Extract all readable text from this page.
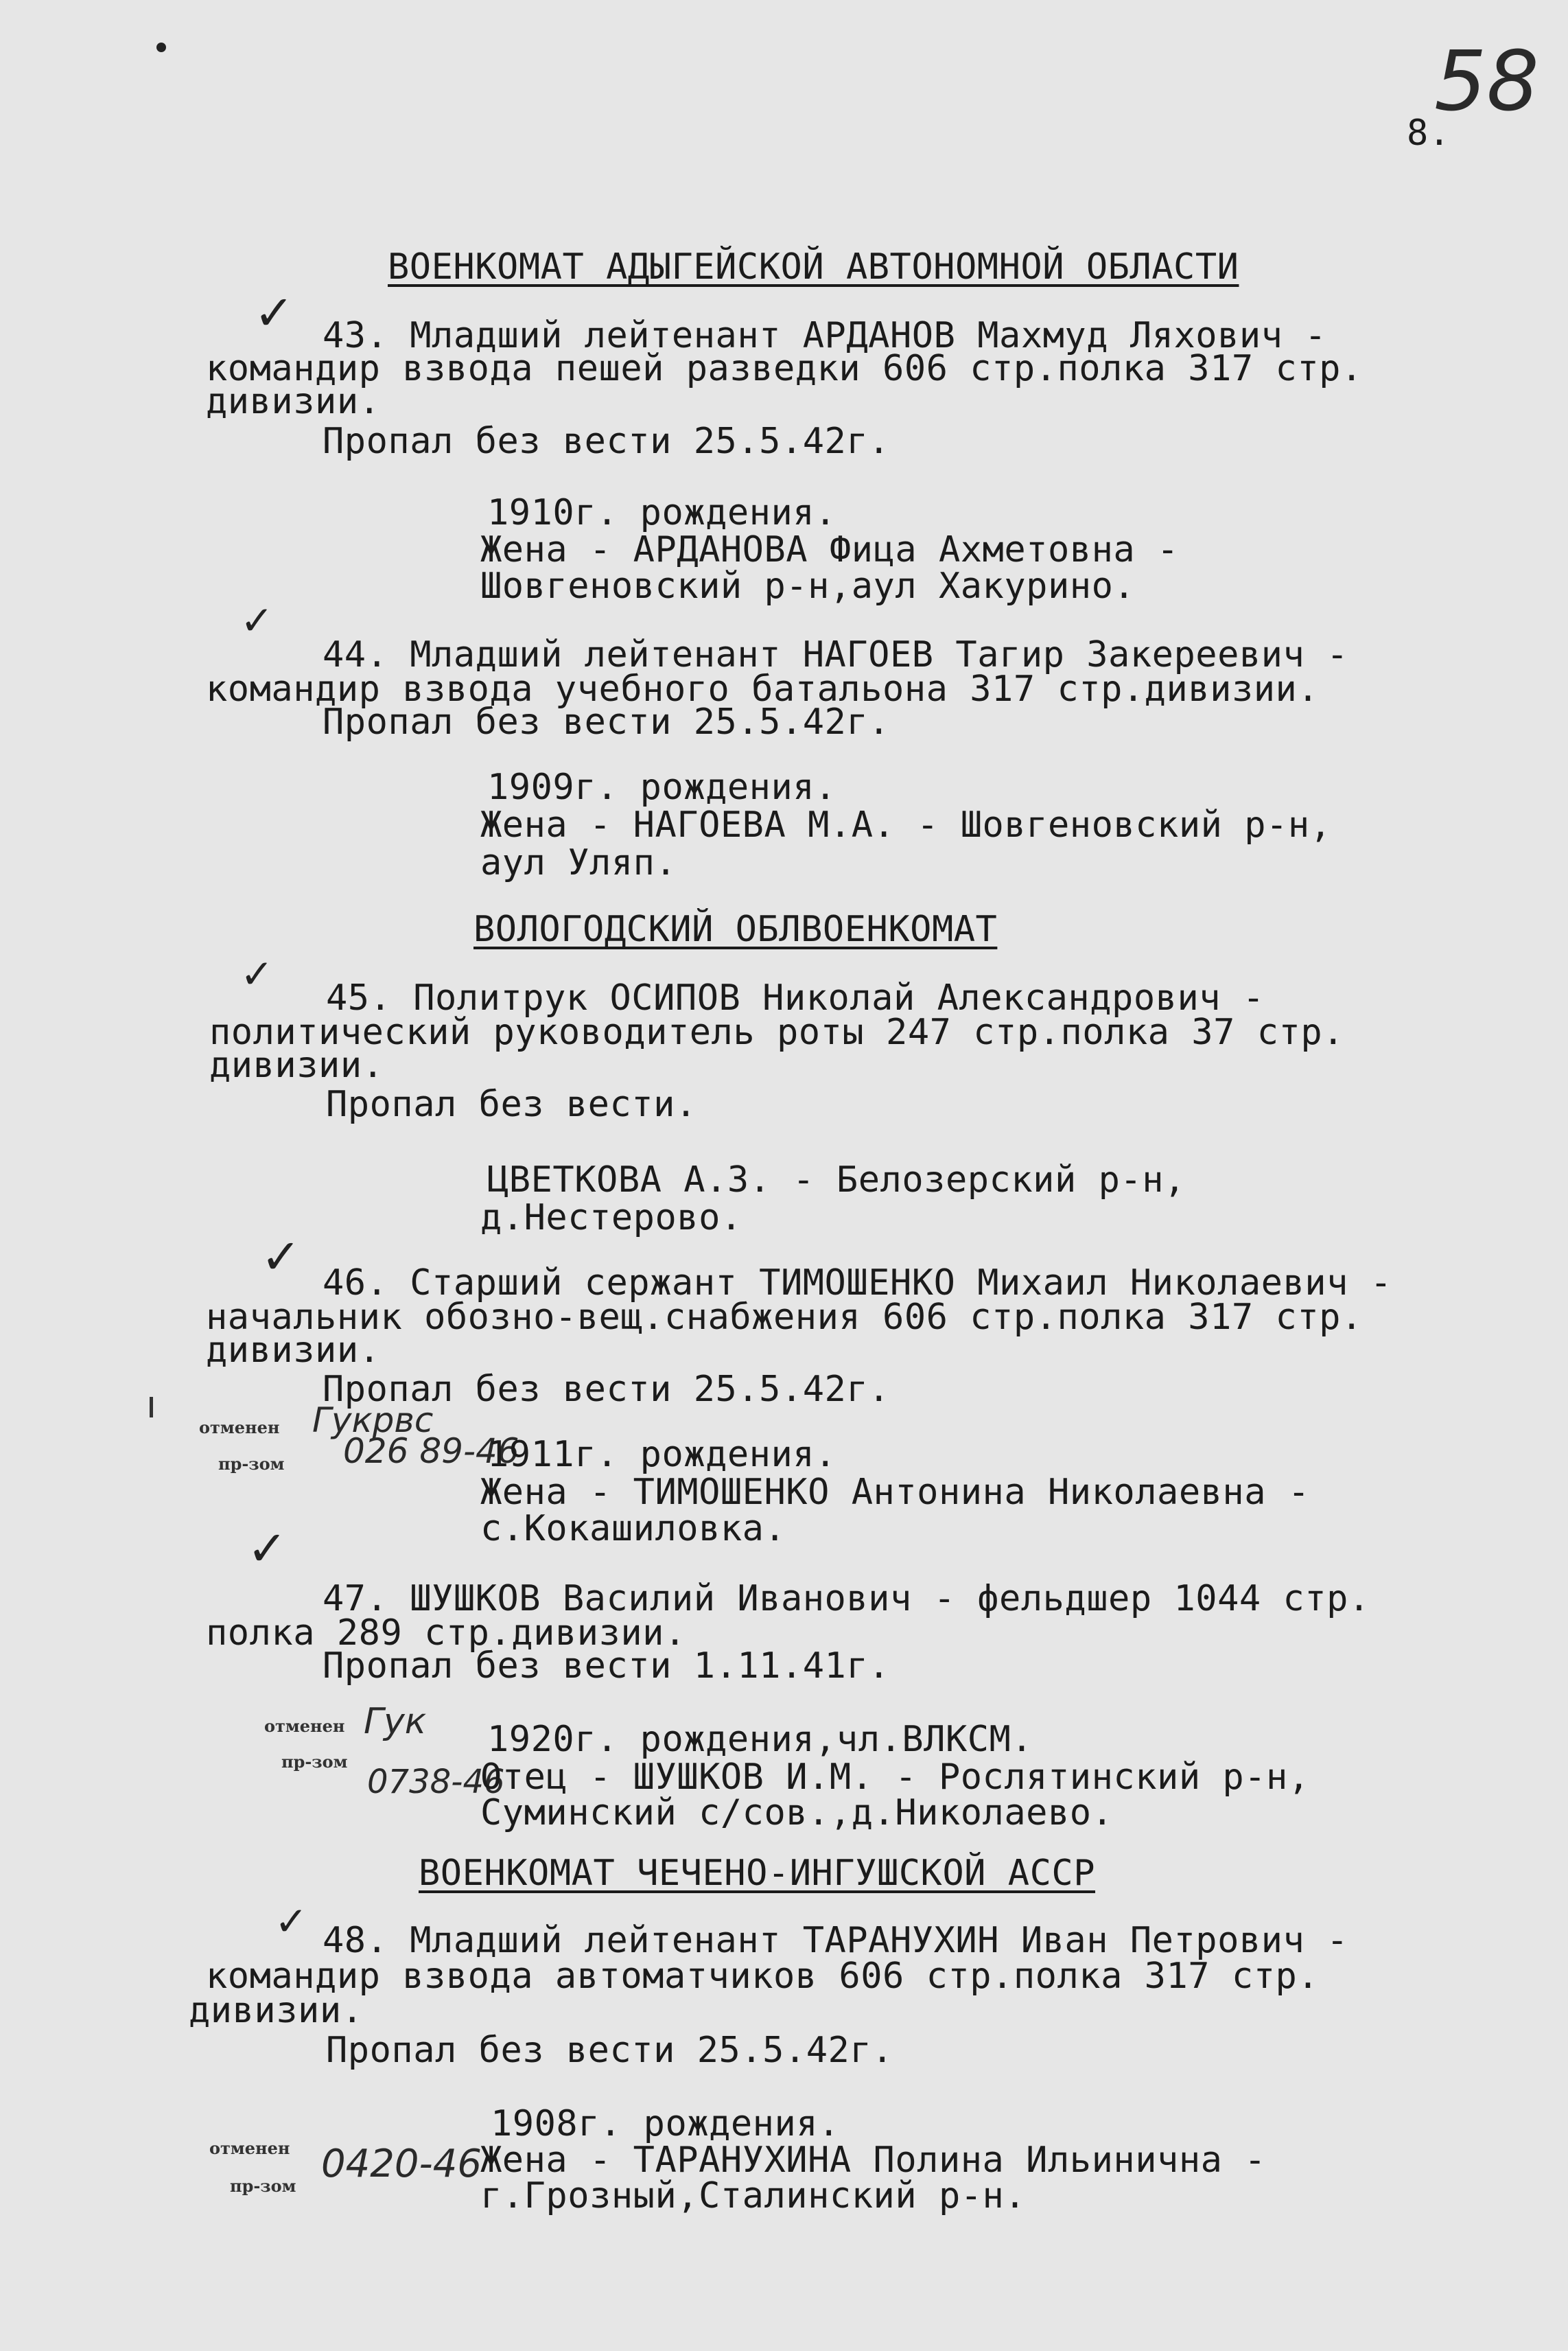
58
8.
ВОЕНКОМАТ АДЫГЕЙСКОЙ АВТОНОМНОЙ ОБЛАСТИ
✓ 43. Младший лейтенант АРДАНОВ Махмуд Ляхович -
командир взвода пешей разведки 606 стр.полка 317 стр.
дивизии.
Пропал без вести 25.5.42г.
1910г. рождения.
Жена - АРДАНОВА Фица Ахметовна -
Шовгеновский р-н,аул Хакурино.
✓
44. Младший лейтенант НАГОЕВ Тагир Закереевич -
командир взвода учебного батальона 317 стр.дивизии.
Пропал без вести 25.5.42г.
1909г. рождения.
Жена - НАГОЕВА М.А. - Шовгеновский р-н,
аул Уляп.
ВОЛОГОДСКИЙ ОБЛВОЕНКОМАТ
✓
45. Политрук ОСИПОВ Николай Александрович -
политический руководитель роты 247 стр.полка 37 стр.
дивизии.
Пропал без вести.
ЦВЕТКОВА А.З. - Белозерский р-н,
д.Нестерово.
✓ 46. Старший сержант ТИМОШЕНКО Михаил Николаевич -
начальник обозно-вещ.снабжения 606 стр.полка 317 стр.
дивизии.
Пропал без вести 25.5.42г.
отменен
пр-зом
Гукрвс
026 89-46
1911г. рождения.
Жена - ТИМОШЕНКО Антонина Николаевна -
с.Кокашиловка.
✓
47. ШУШКОВ Василий Иванович - фельдшер 1044 стр.
полка 289 стр.дивизии.
Пропал без вести 1.11.41г.
отменен
пр-зом
Гук
0738-46
1920г. рождения,чл.ВЛКСМ.
Отец - ШУШКОВ И.М. - Рослятинский р-н,
Суминский с/сов.,д.Николаево.
ВОЕНКОМАТ ЧЕЧЕНО-ИНГУШСКОЙ АССР
✓ 48. Младший лейтенант ТАРАНУХИН Иван Петрович -
командир взвода автоматчиков 606 стр.полка 317 стр.
дивизии.
Пропал без вести 25.5.42г.
1908г. рождения.
отменен
пр-зом 0420-46
Жена - ТАРАНУХИНА Полина Ильинична -
г.Грозный,Сталинский р-н.
